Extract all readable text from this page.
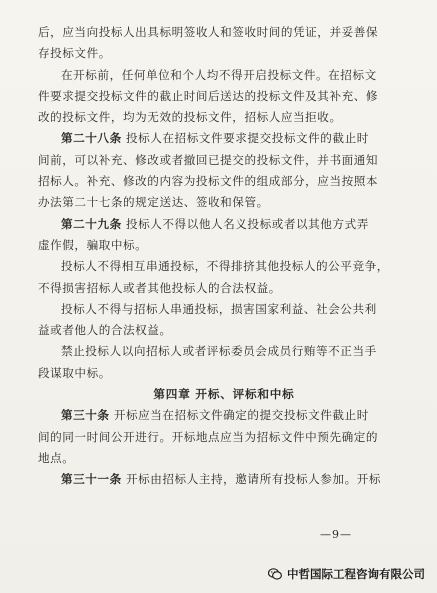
后，应当向投标人出具标明签收人和签收时间的凭证，并妥善保
存投标文件。

在开标前，任何单位和个人均不得开启投标文件。在招标文
件要求提交投标文件的截止时间后送达的投标文件及其补充、修
改的投标文件，均为无效的投标文件，招标人应当拒收。

第二十八条 投标人在招标文件要求提交投标文件的截止时
间前，可以补充、修改或者撤回已提交的投标文件，并书面通知
招标人。补充、修改的内容为投标文件的组成部分，应当按照本
办法第二十七条的规定送达、签收和保管。

第二十九条 投标人不得以他人名义投标或者以其他方式弄
虚作假，骗取中标。

投标人不得相互串通投标，不得排挤其他投标人的公平竞争，
不得损害招标人或者其他投标人的合法权益。

投标人不得与招标人串通投标，损害国家利益、社会公共利
益或者他人的合法权益。

禁止投标人以向招标人或者评标委员会成员行贿等不正当手
段谋取中标。

第四章 开标、评标和中标

第三十条 开标应当在招标文件确定的提交投标文件截止时
间的同一时间公开进行。开标地点应当为招标文件中预先确定的
地点。

第三十一条 开标由招标人主持，邀请所有投标人参加。开标

—9—
中哲国际工程咨询有限公司
